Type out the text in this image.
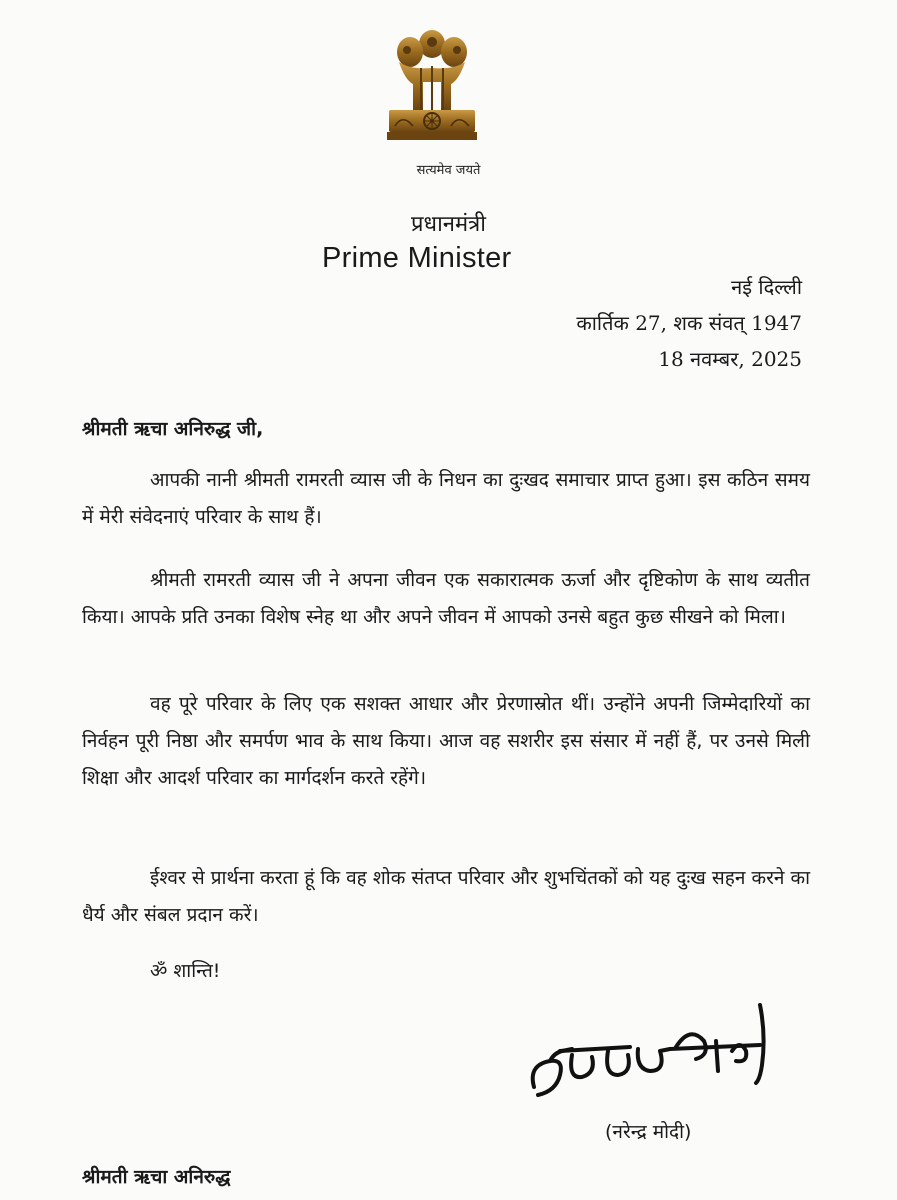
सत्यमेव जयते
प्रधानमंत्री
Prime Minister
नई दिल्ली
कार्तिक 27, शक संवत् 1947
18 नवम्बर, 2025
श्रीमती ऋचा अनिरुद्ध जी,
आपकी नानी श्रीमती रामरती व्यास जी के निधन का दुःखद समाचार प्राप्त हुआ। इस कठिन समय में मेरी संवेदनाएं परिवार के साथ हैं।
श्रीमती रामरती व्यास जी ने अपना जीवन एक सकारात्मक ऊर्जा और दृष्टिकोण के साथ व्यतीत किया। आपके प्रति उनका विशेष स्नेह था और अपने जीवन में आपको उनसे बहुत कुछ सीखने को मिला।
वह पूरे परिवार के लिए एक सशक्त आधार और प्रेरणास्रोत थीं। उन्होंने अपनी जिम्मेदारियों का निर्वहन पूरी निष्ठा और समर्पण भाव के साथ किया। आज वह सशरीर इस संसार में नहीं हैं, पर उनसे मिली शिक्षा और आदर्श परिवार का मार्गदर्शन करते रहेंगे।
ईश्वर से प्रार्थना करता हूं कि वह शोक संतप्त परिवार और शुभचिंतकों को यह दुःख सहन करने का धैर्य और संबल प्रदान करें।
ॐ शान्ति!
(नरेन्द्र मोदी)
श्रीमती ऋचा अनिरुद्ध
